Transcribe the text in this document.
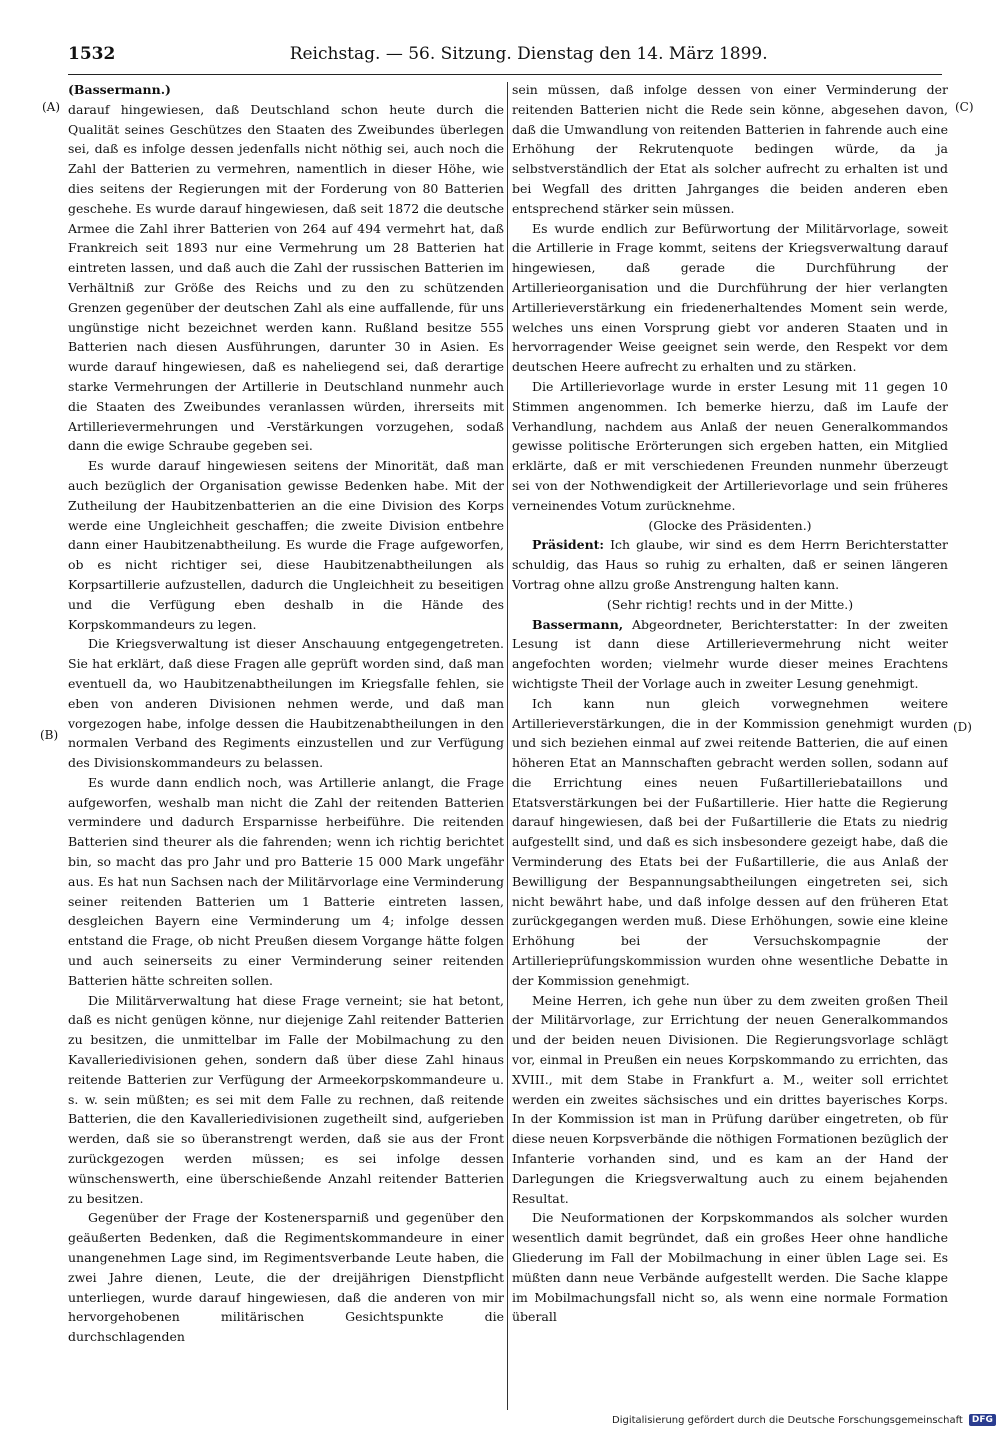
1532	Reichstag. — 56. Sitzung. Dienstag den 14. März 1899.
(A)
(B)
(C)
(D)

(Bassermann.)

darauf hingewiesen, daß Deutschland schon heute durch die Qualität seines Geschützes den Staaten des Zweibundes überlegen sei, daß es infolge dessen jedenfalls nicht nöthig sei, auch noch die Zahl der Batterien zu vermehren, namentlich in dieser Höhe, wie dies seitens der Regierungen mit der Forderung von 80 Batterien geschehe. Es wurde darauf hingewiesen, daß seit 1872 die deutsche Armee die Zahl ihrer Batterien von 264 auf 494 vermehrt hat, daß Frankreich seit 1893 nur eine Vermehrung um 28 Batterien hat eintreten lassen, und daß auch die Zahl der russischen Batterien im Verhältniß zur Größe des Reichs und zu den zu schützenden Grenzen gegenüber der deutschen Zahl als eine auffallende, für uns ungünstige nicht bezeichnet werden kann. Rußland besitze 555 Batterien nach diesen Ausführungen, darunter 30 in Asien. Es wurde darauf hingewiesen, daß es naheliegend sei, daß derartige starke Vermehrungen der Artillerie in Deutschland nunmehr auch die Staaten des Zweibundes veranlassen würden, ihrerseits mit Artillerievermehrungen und -Verstärkungen vorzugehen, sodaß dann die ewige Schraube gegeben sei.

Es wurde darauf hingewiesen seitens der Minorität, daß man auch bezüglich der Organisation gewisse Bedenken habe. Mit der Zutheilung der Haubitzenbatterien an die eine Division des Korps werde eine Ungleichheit geschaffen; die zweite Division entbehre dann einer Haubitzenabtheilung. Es wurde die Frage aufgeworfen, ob es nicht richtiger sei, diese Haubitzenabtheilungen als Korpsartillerie aufzustellen, dadurch die Ungleichheit zu beseitigen und die Verfügung eben deshalb in die Hände des Korpskommandeurs zu legen.

Die Kriegsverwaltung ist dieser Anschauung entgegengetreten. Sie hat erklärt, daß diese Fragen alle geprüft worden sind, daß man eventuell da, wo Haubitzenabtheilungen im Kriegsfalle fehlen, sie eben von anderen Divisionen nehmen werde, und daß man vorgezogen habe, infolge dessen die Haubitzenabtheilungen in den normalen Verband des Regiments einzustellen und zur Verfügung des Divisionskommandeurs zu belassen.

Es wurde dann endlich noch, was Artillerie anlangt, die Frage aufgeworfen, weshalb man nicht die Zahl der reitenden Batterien vermindere und dadurch Ersparnisse herbeiführe. Die reitenden Batterien sind theurer als die fahrenden; wenn ich richtig berichtet bin, so macht das pro Jahr und pro Batterie 15 000 Mark ungefähr aus. Es hat nun Sachsen nach der Militärvorlage eine Verminderung seiner reitenden Batterien um 1 Batterie eintreten lassen, desgleichen Bayern eine Verminderung um 4; infolge dessen entstand die Frage, ob nicht Preußen diesem Vorgange hätte folgen und auch seinerseits zu einer Verminderung seiner reitenden Batterien hätte schreiten sollen.

Die Militärverwaltung hat diese Frage verneint; sie hat betont, daß es nicht genügen könne, nur diejenige Zahl reitender Batterien zu besitzen, die unmittelbar im Falle der Mobilmachung zu den Kavalleriedivisionen gehen, sondern daß über diese Zahl hinaus reitende Batterien zur Verfügung der Armeekorpskommandeure u. s. w. sein müßten; es sei mit dem Falle zu rechnen, daß reitende Batterien, die den Kavalleriedivisionen zugetheilt sind, aufgerieben werden, daß sie so überanstrengt werden, daß sie aus der Front zurückgezogen werden müssen; es sei infolge dessen wünschenswerth, eine überschießende Anzahl reitender Batterien zu besitzen.

Gegenüber der Frage der Kostenersparniß und gegenüber den geäußerten Bedenken, daß die Regimentskommandeure in einer unangenehmen Lage sind, im Regimentsverbande Leute haben, die zwei Jahre dienen, Leute, die der dreijährigen Dienstpflicht unterliegen, wurde darauf hingewiesen, daß die anderen von mir hervorgehobenen militärischen Gesichtspunkte die durchschlagenden

sein müssen, daß infolge dessen von einer Verminderung der reitenden Batterien nicht die Rede sein könne, abgesehen davon, daß die Umwandlung von reitenden Batterien in fahrende auch eine Erhöhung der Rekrutenquote bedingen würde, da ja selbstverständlich der Etat als solcher aufrecht zu erhalten ist und bei Wegfall des dritten Jahrganges die beiden anderen eben entsprechend stärker sein müssen.

Es wurde endlich zur Befürwortung der Militärvorlage, soweit die Artillerie in Frage kommt, seitens der Kriegsverwaltung darauf hingewiesen, daß gerade die Durchführung der Artillerieorganisation und die Durchführung der hier verlangten Artillerieverstärkung ein friedenerhaltendes Moment sein werde, welches uns einen Vorsprung giebt vor anderen Staaten und in hervorragender Weise geeignet sein werde, den Respekt vor dem deutschen Heere aufrecht zu erhalten und zu stärken.

Die Artillerievorlage wurde in erster Lesung mit 11 gegen 10 Stimmen angenommen. Ich bemerke hierzu, daß im Laufe der Verhandlung, nachdem aus Anlaß der neuen Generalkommandos gewisse politische Erörterungen sich ergeben hatten, ein Mitglied erklärte, daß er mit verschiedenen Freunden nunmehr überzeugt sei von der Nothwendigkeit der Artillerievorlage und sein früheres verneinendes Votum zurücknehme.

(Glocke des Präsidenten.)

Präsident: Ich glaube, wir sind es dem Herrn Berichterstatter schuldig, das Haus so ruhig zu erhalten, daß er seinen längeren Vortrag ohne allzu große Anstrengung halten kann.

(Sehr richtig! rechts und in der Mitte.)

Bassermann, Abgeordneter, Berichterstatter: In der zweiten Lesung ist dann diese Artillerievermehrung nicht weiter angefochten worden; vielmehr wurde dieser meines Erachtens wichtigste Theil der Vorlage auch in zweiter Lesung genehmigt.

Ich kann nun gleich vorwegnehmen weitere Artillerieverstärkungen, die in der Kommission genehmigt wurden und sich beziehen einmal auf zwei reitende Batterien, die auf einen höheren Etat an Mannschaften gebracht werden sollen, sodann auf die Errichtung eines neuen Fußartilleriebataillons und Etatsverstärkungen bei der Fußartillerie. Hier hatte die Regierung darauf hingewiesen, daß bei der Fußartillerie die Etats zu niedrig aufgestellt sind, und daß es sich insbesondere gezeigt habe, daß die Verminderung des Etats bei der Fußartillerie, die aus Anlaß der Bewilligung der Bespannungsabtheilungen eingetreten sei, sich nicht bewährt habe, und daß infolge dessen auf den früheren Etat zurückgegangen werden muß. Diese Erhöhungen, sowie eine kleine Erhöhung bei der Versuchskompagnie der Artillerieprüfungskommission wurden ohne wesentliche Debatte in der Kommission genehmigt.

Meine Herren, ich gehe nun über zu dem zweiten großen Theil der Militärvorlage, zur Errichtung der neuen Generalkommandos und der beiden neuen Divisionen. Die Regierungsvorlage schlägt vor, einmal in Preußen ein neues Korpskommando zu errichten, das XVIII., mit dem Stabe in Frankfurt a. M., weiter soll errichtet werden ein zweites sächsisches und ein drittes bayerisches Korps. In der Kommission ist man in Prüfung darüber eingetreten, ob für diese neuen Korpsverbände die nöthigen Formationen bezüglich der Infanterie vorhanden sind, und es kam an der Hand der Darlegungen die Kriegsverwaltung auch zu einem bejahenden Resultat.

Die Neuformationen der Korpskommandos als solcher wurden wesentlich damit begründet, daß ein großes Heer ohne handliche Gliederung im Fall der Mobilmachung in einer üblen Lage sei. Es müßten dann neue Verbände aufgestellt werden. Die Sache klappe im Mobilmachungsfall nicht so, als wenn eine normale Formation überall

Digitalisierung gefördert durch die Deutsche Forschungsgemeinschaft	DFG
